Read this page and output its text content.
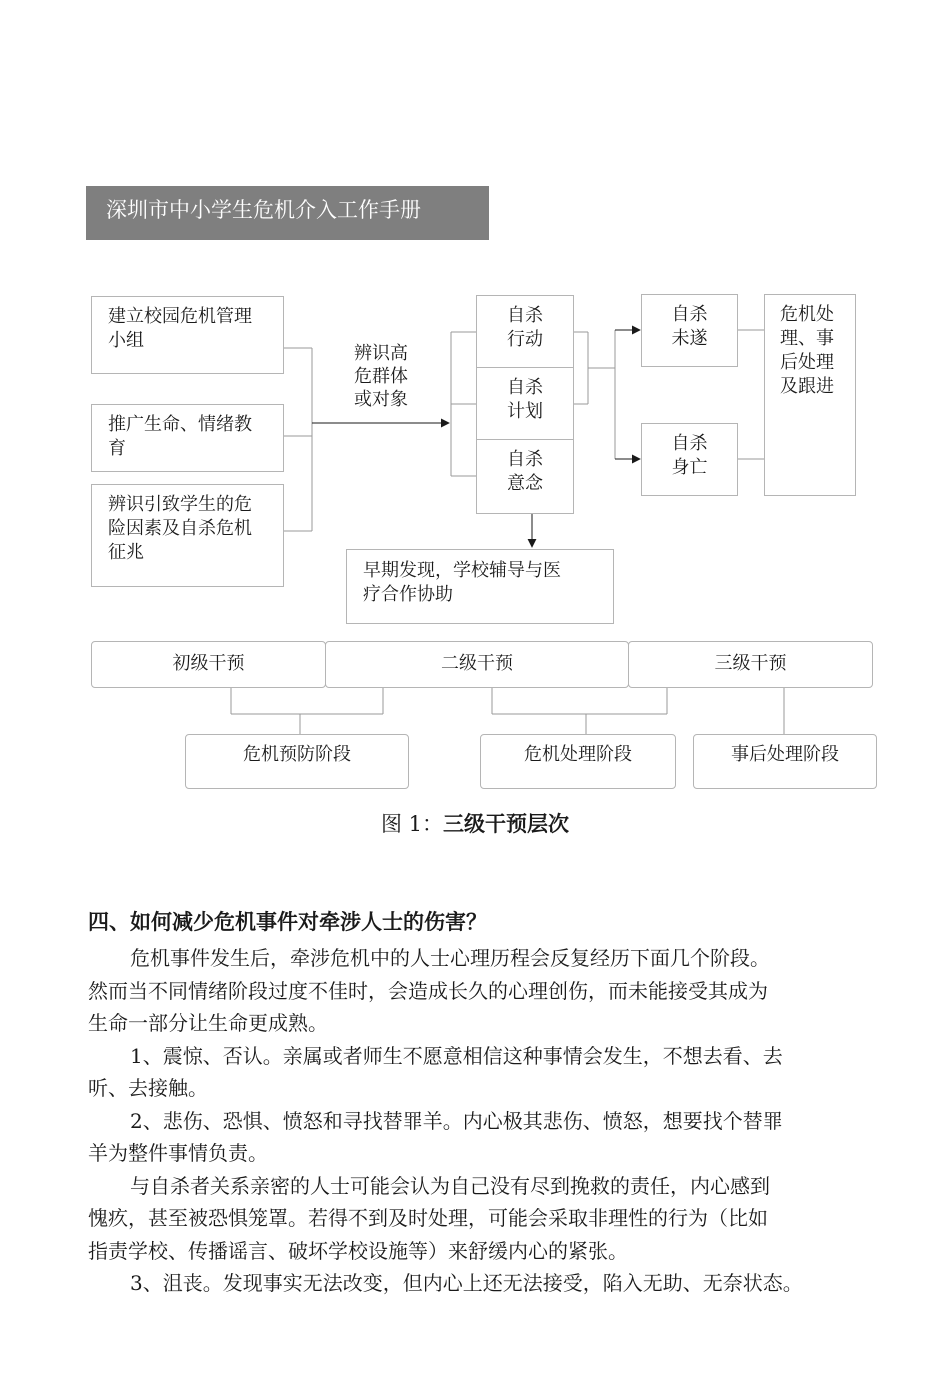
深圳市中小学生危机介入工作手册
建立校园危机管理
小组
推广生命、情绪教
育
辨识引致学生的危
险因素及自杀危机
征兆
辨识高
危群体
或对象
自杀
行动
自杀
计划
自杀
意念
自杀
未遂
自杀
身亡
危机处
理、事
后处理
及跟进
早期发现，学校辅导与医
疗合作协助
初级干预	二级干预	三级干预
危机预防阶段	危机处理阶段	事后处理阶段
图 1：三级干预层次
四、如何减少危机事件对牵涉人士的伤害？

危机事件发生后，牵涉危机中的人士心理历程会反复经历下面几个阶段。
然而当不同情绪阶段过度不佳时，会造成长久的心理创伤，而未能接受其成为
生命一部分让生命更成熟。

1、震惊、否认。亲属或者师生不愿意相信这种事情会发生，不想去看、去
听、去接触。

2、悲伤、恐惧、愤怒和寻找替罪羊。内心极其悲伤、愤怒，想要找个替罪
羊为整件事情负责。

与自杀者关系亲密的人士可能会认为自己没有尽到挽救的责任，内心感到
愧疚，甚至被恐惧笼罩。若得不到及时处理，可能会采取非理性的行为（比如
指责学校、传播谣言、破坏学校设施等）来舒缓内心的紧张。

3、沮丧。发现事实无法改变，但内心上还无法接受，陷入无助、无奈状态。
